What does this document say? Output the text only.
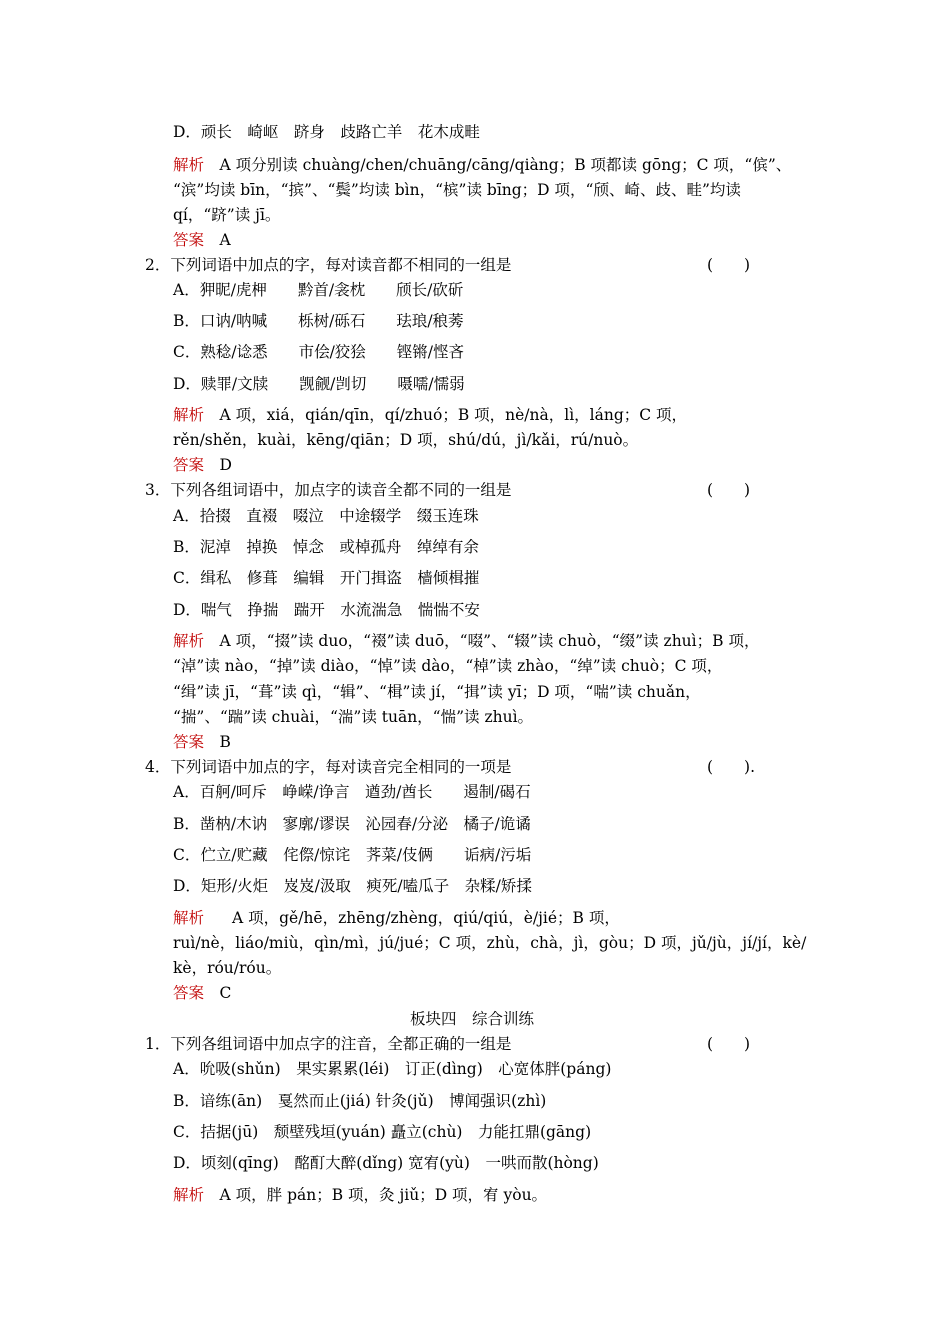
D．顽长　崎岖　跻身　歧路亡羊　花木成畦
解析　A 项分别读 chuàng/chen/chuāng/cāng/qiàng；B 项都读 gōng；C 项，“傧”、
“滨”均读 bīn，“摈”、“鬓”均读 bìn，“槟”读 bīng；D 项，“颀、崎、歧、畦”均读
qí，“跻”读 jī。
答案　A
2．下列词语中加点的字，每对读音都不相同的一组是	(　　)
A．狎昵/虎柙　　黔首/衾枕　　颀长/砍斫
B．口讷/呐喊　　栎树/砾石　　珐琅/稂莠
C．熟稔/谂悉　　市侩/狡狯　　铿锵/悭吝
D．赎罪/文牍　　觊觎/剀切　　嗫嚅/懦弱
解析　A 项，xiá，qián/qīn，qí/zhuó；B 项，nè/nà，lì，láng；C 项，
rěn/shěn，kuài，kēng/qiān；D 项，shú/dú，jì/kǎi，rú/nuò。
答案　D
3．下列各组词语中，加点字的读音全都不同的一组是	(　　)
A．拾掇　直裰　啜泣　中途辍学　缀玉连珠
B．泥淖　掉换　悼念　或棹孤舟　绰绰有余
C．缉私　修葺　编辑　开门揖盗　樯倾楫摧
D．喘气　挣揣　踹开　水流湍急　惴惴不安
解析　A 项，“掇”读 duo，“裰”读 duō，“啜”、“辍”读 chuò，“缀”读 zhuì；B 项，
“淖”读 nào，“掉”读 diào，“悼”读 dào，“棹”读 zhào，“绰”读 chuò；C 项，
“缉”读 jī，“葺”读 qì，“辑”、“楫”读 jí，“揖”读 yī；D 项，“喘”读 chuǎn，
“揣”、“踹”读 chuài，“湍”读 tuān，“惴”读 zhuì。
答案　B
4．下列词语中加点的字，每对读音完全相同的一项是	(　　).
A．百舸/呵斥　峥嵘/诤言　遒劲/酋长　　遏制/碣石
B．凿枘/木讷　寥廓/谬误　沁园春/分泌　橘子/诡谲
C．伫立/贮藏　侘傺/惊诧　荠菜/伎俩　　诟病/污垢
D．矩形/火炬　岌岌/汲取　瘐死/嗑瓜子　杂糅/矫揉
解析 A 项，gě/hē，zhēng/zhèng，qiú/qiú，è/jié；B 项，
ruì/nè，liáo/miù，qìn/mì，jú/jué；C 项，zhù，chà，jì，gòu；D 项，jǔ/jù，jí/jí，kè/
kè，róu/róu。
答案　C
板块四　综合训练
1．下列各组词语中加点字的注音，全都正确的一组是	(　　)
A．吮吸(shǔn)　果实累累(léi)　订正(dìng)　心宽体胖(páng)
B．谙练(ān)　戛然而止(jiá) 针灸(jǔ)　博闻强识(zhì)
C．拮据(jū)　颓壁残垣(yuán) 矗立(chù)　力能扛鼎(gāng)
D．顷刻(qīng)　酩酊大醉(dǐng) 宽宥(yù)　一哄而散(hòng)
解析　A 项，胖 pán；B 项，灸 jiǔ；D 项，宥 yòu。
